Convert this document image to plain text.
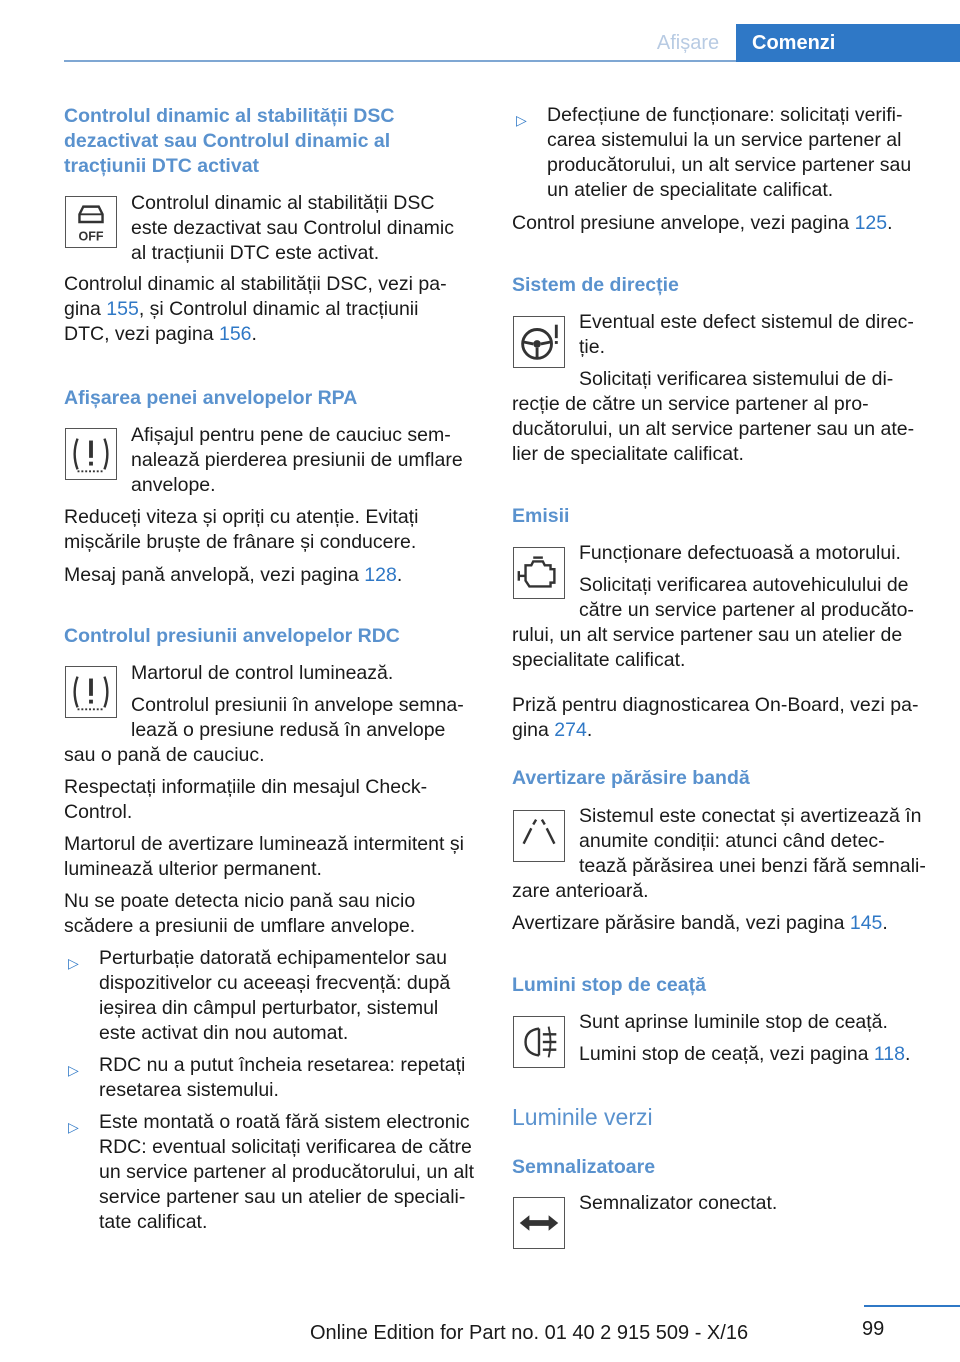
Afișare	Comenzi
Controlul dinamic al stabilității DSC
dezactivat sau Controlul dinamic al
tracțiunii DTC activat
OFF
Controlul dinamic al stabilității DSC
este dezactivat sau Controlul dinamic
al tracțiunii DTC este activat.
Controlul dinamic al stabilității DSC, vezi pa-
gina 155, și Controlul dinamic al tracțiunii
DTC, vezi pagina 156.
Afișarea penei anvelopelor RPA
Afișajul pentru pene de cauciuc sem-
nalează pierderea presiunii de umflare
anvelope.
Reduceți viteza și opriți cu atenție. Evitați
mișcările bruște de frânare și conducere.
Mesaj pană anvelopă, vezi pagina 128.
Controlul presiunii anvelopelor RDC
Martorul de control luminează.
Controlul presiunii în anvelope semna-
lează o presiune redusă în anvelope
sau o pană de cauciuc.
Respectați informațiile din mesajul Check-
Control.
Martorul de avertizare luminează intermitent și
luminează ulterior permanent.
Nu se poate detecta nicio pană sau nicio
scădere a presiunii de umflare anvelope.
▷ Perturbație datorată echipamentelor sau
dispozitivelor cu aceeași frecvență: după
ieșirea din câmpul perturbator, sistemul
este activat din nou automat.
▷ RDC nu a putut încheia resetarea: repetați
resetarea sistemului.
▷ Este montată o roată fără sistem electronic
RDC: eventual solicitați verificarea de către
un service partener al producătorului, un alt
service partener sau un atelier de speciali-
tate calificat.
▷ Defecțiune de funcționare: solicitați verifi-
carea sistemului la un service partener al
producătorului, un alt service partener sau
un atelier de specialitate calificat.
Control presiune anvelope, vezi pagina 125.
Sistem de direcție
Eventual este defect sistemul de direc-
ție.
Solicitați verificarea sistemului de di-
recție de către un service partener al pro-
ducătorului, un alt service partener sau un ate-
lier de specialitate calificat.
Emisii
Funcționare defectuoasă a motorului.
Solicitați verificarea autovehiculului de
către un service partener al producăto-
rului, un alt service partener sau un atelier de
specialitate calificat.
Priză pentru diagnosticarea On-Board, vezi pa-
gina 274.
Avertizare părăsire bandă
Sistemul este conectat și avertizează în
anumite condiții: atunci când detec-
tează părăsirea unei benzi fără semnali-
zare anterioară.
Avertizare părăsire bandă, vezi pagina 145.
Lumini stop de ceață
Sunt aprinse luminile stop de ceață.
Lumini stop de ceață, vezi pagina 118.
Luminile verzi
Semnalizatoare
Semnalizator conectat.
99
Online Edition for Part no. 01 40 2 915 509 - X/16
